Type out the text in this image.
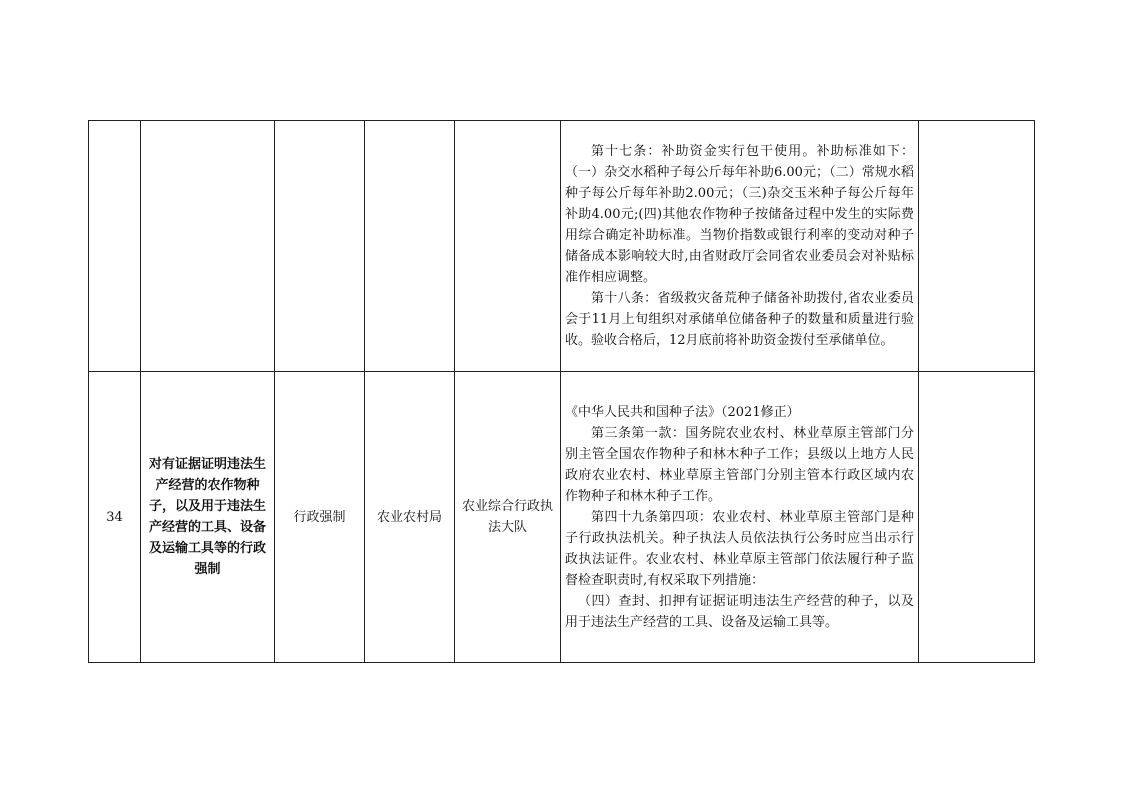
					第十七条：补助资金实行包干使用。补助标准如下：（一）杂交水稻种子每公斤每年补助6.00元；（二）常规水稻种子每公斤每年补助2.00元；（三)杂交玉米种子每公斤每年补助4.00元;(四)其他农作物种子按储备过程中发生的实际费用综合确定补助标准。当物价指数或银行利率的变动对种子储备成本影响较大时,由省财政厅会同省农业委员会对补贴标准作相应调整。

第十八条：省级救灾备荒种子储备补助拨付,省农业委员会于11月上旬组织对承储单位储备种子的数量和质量进行验收。验收合格后，12月底前将补助资金拨付至承储单位。	

34	对有证据证明违法生产经营的农作物种子，以及用于违法生产经营的工具、设备及运输工具等的行政强制	行政强制	农业农村局	农业综合行政执法大队	《中华人民共和国种子法》（2021修正）

第三条第一款：国务院农业农村、林业草原主管部门分别主管全国农作物种子和林木种子工作；县级以上地方人民政府农业农村、林业草原主管部门分别主管本行政区域内农作物种子和林木种子工作。

第四十九条第四项：农业农村、林业草原主管部门是种子行政执法机关。种子执法人员依法执行公务时应当出示行政执法证件。农业农村、林业草原主管部门依法履行种子监督检查职责时,有权采取下列措施：

（四）查封、扣押有证据证明违法生产经营的种子，以及用于违法生产经营的工具、设备及运输工具等。	
